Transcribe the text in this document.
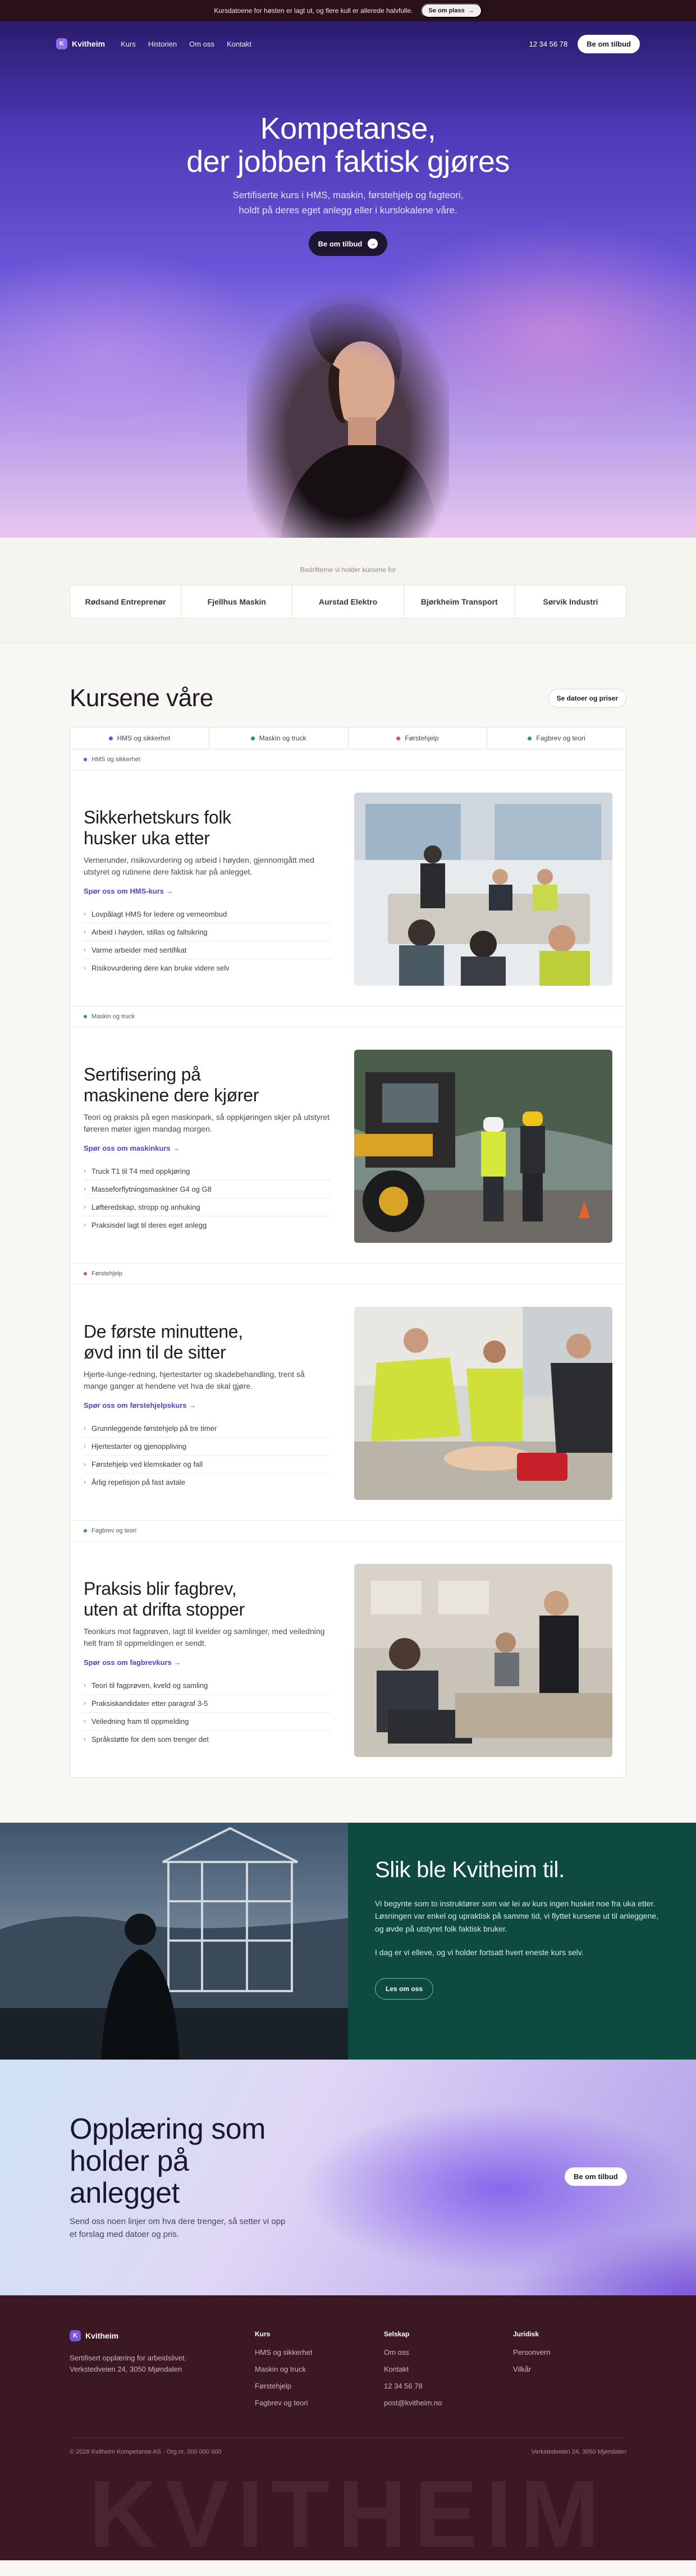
Kursdatoene for høsten er lagt ut, og flere kull er allerede halvfulle.	Se om plass →
K	Kvitheim Kurs Historien Om oss Kontakt	12 34 56 78	Be om tilbud
Kompetanse,
der jobben faktisk gjøres
Sertifiserte kurs i HMS, maskin, førstehjelp og fagteori,
holdt på deres eget anlegg eller i kurslokalene våre.
Be om tilbud	→
Bedrifterne vi holder kursene for
Rødsand Entreprenør	Fjellhus Maskin	Aurstad Elektro	Bjørkheim Transport	Sørvik Industri
Kursene våre	Se datoer og priser
HMS og sikkerhet	Maskin og truck	Førstehjelp	Fagbrev og teori
HMS og sikkerhet
Sikkerhetskurs folk
husker uka etter

Vernerunder, risikovurdering og arbeid i høyden, gjennomgått med utstyret og rutinene dere faktisk har på anlegget.

Spør oss om HMS-kurs →
› Lovpålagt HMS for ledere og verneombud
› Arbeid i høyden, stillas og fallsikring
› Varme arbeider med sertifikat
› Risikovurdering dere kan bruke videre selv
Maskin og truck
Sertifisering på
maskinene dere kjører

Teori og praksis på egen maskinpark, så oppkjøringen skjer på utstyret føreren møter igjen mandag morgen.

Spør oss om maskinkurs →
› Truck T1 til T4 med oppkjøring
› Masseforflytningsmaskiner G4 og G8
› Løfteredskap, stropp og anhuking
› Praksisdel lagt til deres eget anlegg
Førstehjelp
De første minuttene,
øvd inn til de sitter

Hjerte-lunge-redning, hjertestarter og skadebehandling, trent så mange ganger at hendene vet hva de skal gjøre.

Spør oss om førstehjelpskurs →
› Grunnleggende førstehjelp på tre timer
› Hjertestarter og gjenoppliving
› Førstehjelp ved klemskader og fall
› Årlig repetisjon på fast avtale
Fagbrev og teori
Praksis blir fagbrev,
uten at drifta stopper

Teorikurs mot fagprøven, lagt til kvelder og samlinger, med veiledning helt fram til oppmeldingen er sendt.

Spør oss om fagbrevkurs →
› Teori til fagprøven, kveld og samling
› Praksiskandidater etter paragraf 3-5
› Veiledning fram til oppmelding
› Språkstøtte for dem som trenger det
Slik ble Kvitheim til.

Vi begynte som to instruktører som var lei av kurs ingen husket noe fra uka etter. Løsningen var enkel og upraktisk på samme tid, vi flyttet kursene ut til anleggene, og øvde på utstyret folk faktisk bruker.

I dag er vi elleve, og vi holder fortsatt hvert eneste kurs selv.

Les om oss
Opplæring som
holder på
anlegget

Send oss noen linjer om hva dere trenger, så setter vi opp
et forslag med datoer og pris.

Be om tilbud
K	Kvitheim

Sertifisert opplæring for arbeidslivet.
Verkstedveien 24, 3050 Mjøndalen

Kurs
HMS og sikkerhet
Maskin og truck
Førstehjelp
Fagbrev og teori
Selskap
Om oss
Kontakt
12 34 56 78
post@kvitheim.no
Juridisk
Personvern
Vilkår
© 2026 Kvitheim Kompetanse AS · Org.nr. 000 000 000	Verkstedveien 24, 3050 Mjøndalen
KVITHEIM
